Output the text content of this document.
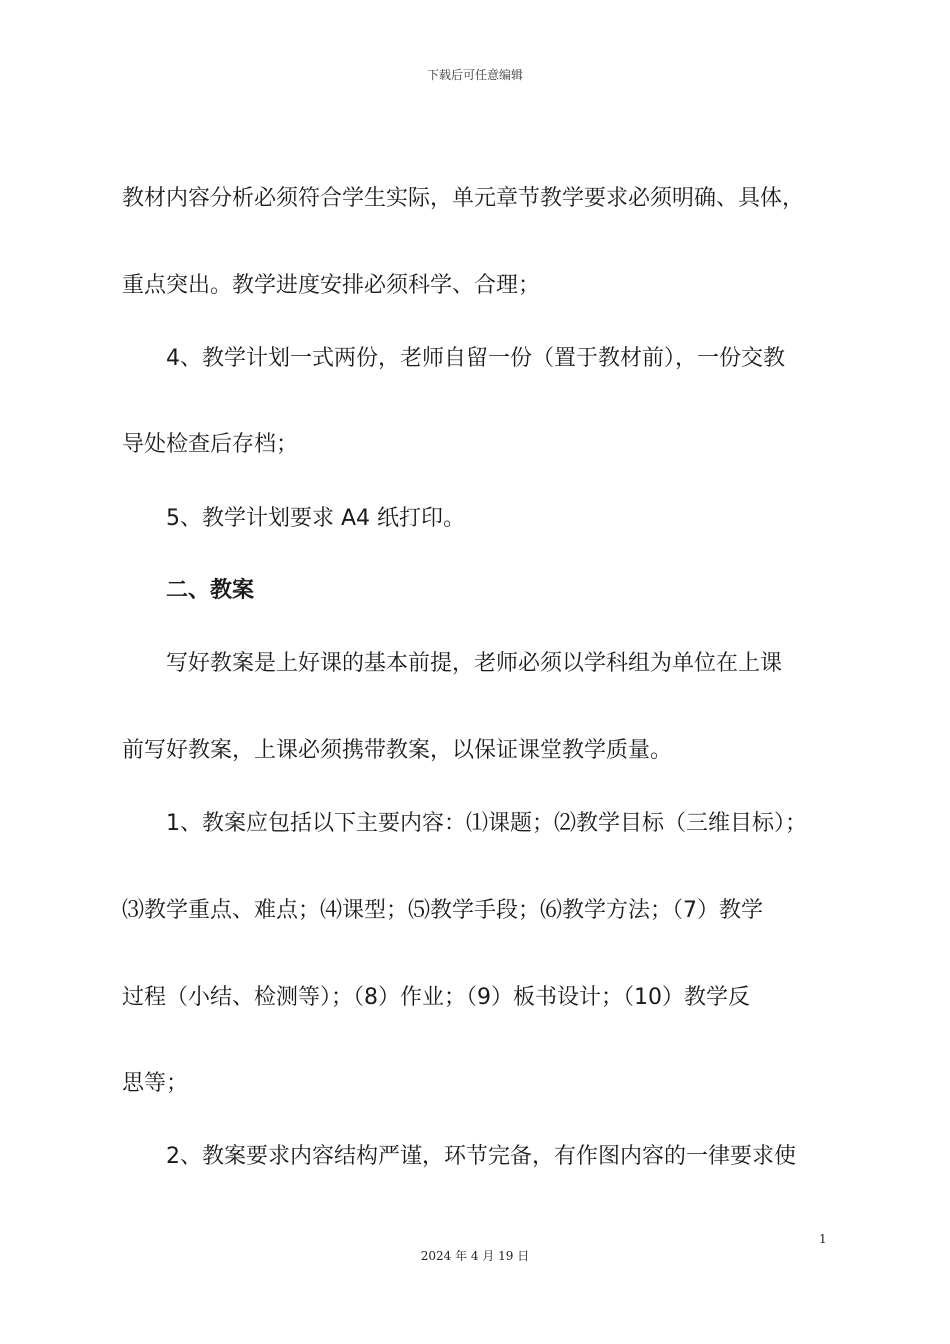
下载后可任意编辑
教材内容分析必须符合学生实际，单元章节教学要求必须明确、具体，
重点突出。教学进度安排必须科学、合理；
4、教学计划一式两份，老师自留一份（置于教材前），一份交教
导处检查后存档；
5、教学计划要求 A4 纸打印。
二、教案
写好教案是上好课的基本前提，老师必须以学科组为单位在上课
前写好教案，上课必须携带教案，以保证课堂教学质量。
1、教案应包括以下主要内容：⑴课题；⑵教学目标（三维目标）；
⑶教学重点、难点；⑷课型；⑸教学手段；⑹教学方法；（7）教学
过程（小结、检测等）；（8）作业；（9）板书设计；（10）教学反
思等；
2、教案要求内容结构严谨，环节完备，有作图内容的一律要求使
1
2024 年 4 月 19 日
